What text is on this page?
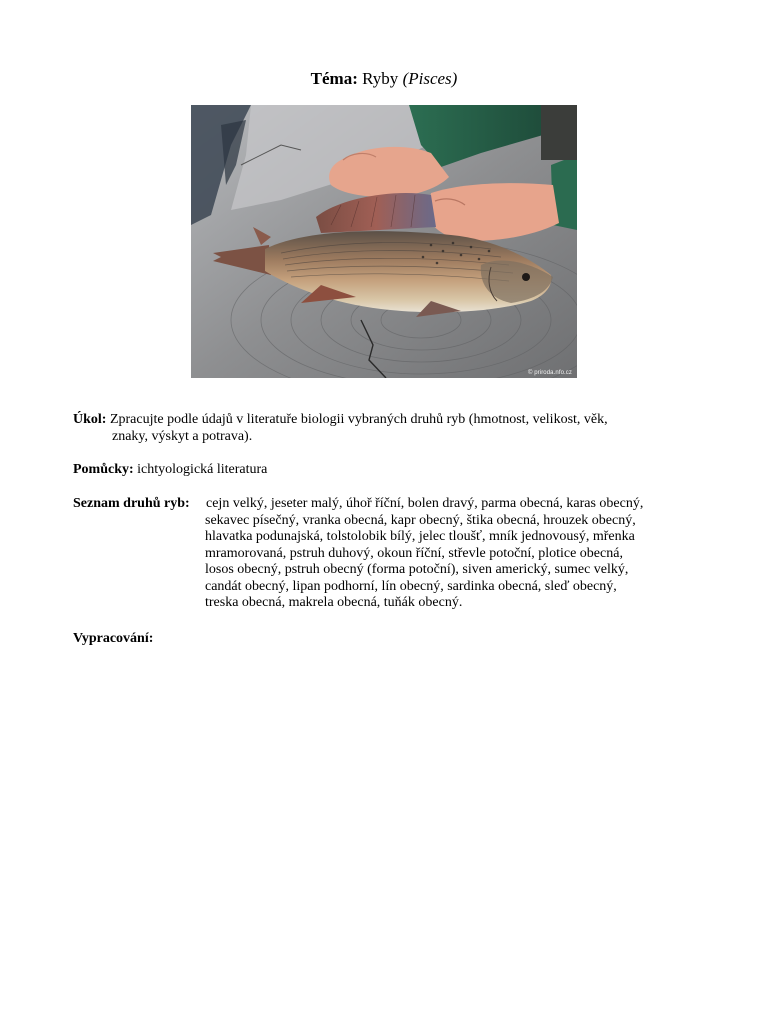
Téma: Ryby (Pisces)
© priroda.nfo.cz
Úkol: Zpracujte podle údajů v literatuře biologii vybraných druhů ryb (hmotnost, velikost, věk,
znaky, výskyt a potrava).
Pomůcky: ichtyologická literatura
Seznam druhů ryb: cejn velký, jeseter malý, úhoř říční, bolen dravý, parma obecná, karas obecný,
sekavec písečný, vranka obecná, kapr obecný, štika obecná, hrouzek obecný,
hlavatka podunajská, tolstolobik bílý, jelec tloušť, mník jednovousý, mřenka
mramorovaná, pstruh duhový, okoun říční, střevle potoční, plotice obecná,
losos obecný, pstruh obecný (forma potoční), siven americký, sumec velký,
candát obecný, lipan podhorní, lín obecný, sardinka obecná, sleď obecný,
treska obecná, makrela obecná, tuňák obecný.
Vypracování:
